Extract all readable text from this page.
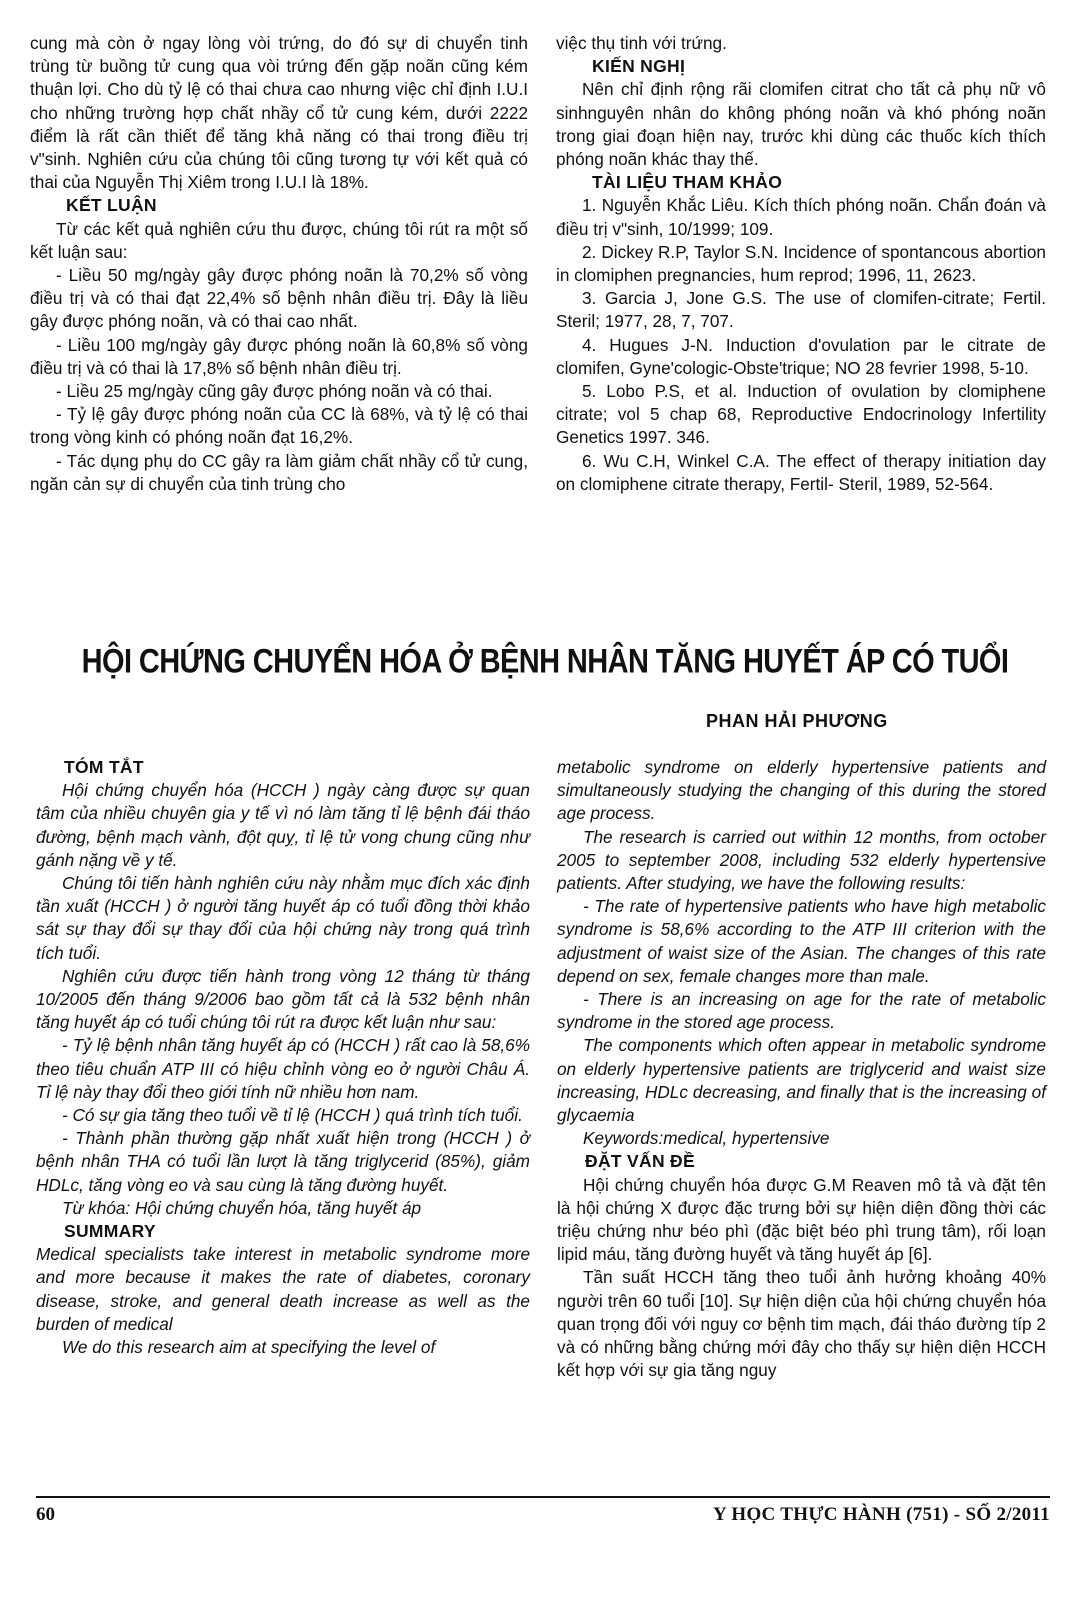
cung mà còn ở ngay lòng vòi trứng, do đó sự di chuyển tinh trùng từ buồng tử cung qua vòi trứng đến gặp noãn cũng kém thuận lợi. Cho dù tỷ lệ có thai chưa cao nhưng việc chỉ định I.U.I cho những trường hợp chất nhầy cổ tử cung kém, dưới 2222 điểm là rất cần thiết để tăng khả năng có thai trong điều trị v"sinh. Nghiên cứu của chúng tôi cũng tương tự với kết quả có thai của Nguyễn Thị Xiêm trong I.U.I là 18%.

KẾT LUẬN

Từ các kết quả nghiên cứu thu được, chúng tôi rút ra một số kết luận sau:

- Liều 50 mg/ngày gây được phóng noãn là 70,2% số vòng điều trị và có thai đạt 22,4% số bệnh nhân điều trị. Đây là liều gây được phóng noãn, và có thai cao nhất.

- Liều 100 mg/ngày gây được phóng noãn là 60,8% số vòng điều trị và có thai là 17,8% số bệnh nhân điều trị.

- Liều 25 mg/ngày cũng gây được phóng noãn và có thai.

- Tỷ lệ gây được phóng noãn của CC là 68%, và tỷ lệ có thai trong vòng kinh có phóng noãn đạt 16,2%.

- Tác dụng phụ do CC gây ra làm giảm chất nhầy cổ tử cung, ngăn cản sự di chuyển của tinh trùng cho

việc thụ tinh với trứng.

KIẾN NGHỊ

Nên chỉ định rộng rãi clomifen citrat cho tất cả phụ nữ vô sinhnguyên nhân do không phóng noãn và khó phóng noãn trong giai đoạn hiện nay, trước khi dùng các thuốc kích thích phóng noãn khác thay thế.

TÀI LIỆU THAM KHẢO

1. Nguyễn Khắc Liêu. Kích thích phóng noãn. Chẩn đoán và điều trị v"sinh, 10/1999; 109.

2. Dickey R.P, Taylor S.N. Incidence of spontancous abortion in clomiphen pregnancies, hum reprod; 1996, 11, 2623.

3. Garcia J, Jone G.S. The use of clomifen-citrate; Fertil. Steril; 1977, 28, 7, 707.

4. Hugues J-N. Induction d'ovulation par le citrate de clomifen, Gyne'cologic-Obste'trique; NO 28 fevrier 1998, 5-10.

5. Lobo P.S, et al. Induction of ovulation by clomiphene citrate; vol 5 chap 68, Reproductive Endocrinology Infertility Genetics 1997. 346.

6. Wu C.H, Winkel C.A. The effect of therapy initiation day on clomiphene citrate therapy, Fertil- Steril, 1989, 52-564.

HỘI CHỨNG CHUYỂN HÓA Ở BỆNH NHÂN TĂNG HUYẾT ÁP CÓ TUỔI
PHAN HẢI PHƯƠNG

TÓM TẮT

Hội chứng chuyển hóa (HCCH ) ngày càng được sự quan tâm của nhiều chuyên gia y tế vì nó làm tăng tỉ lệ bệnh đái tháo đường, bệnh mạch vành, đột quỵ, tỉ lệ tử vong chung cũng như gánh nặng về y tế.

Chúng tôi tiến hành nghiên cứu này nhằm mục đích xác định tần xuất (HCCH ) ở người tăng huyết áp có tuổi đồng thời khảo sát sự thay đổi sự thay đổi của hội chứng này trong quá trình tích tuổi.

Nghiên cứu được tiến hành trong vòng 12 tháng từ tháng 10/2005 đến tháng 9/2006 bao gồm tất cả là 532 bệnh nhân tăng huyết áp có tuổi chúng tôi rút ra được kết luận như sau:

- Tỷ lệ bệnh nhân tăng huyết áp có (HCCH ) rất cao là 58,6% theo tiêu chuẩn ATP III có hiệu chỉnh vòng eo ở người Châu Á. Tỉ lệ này thay đổi theo giới tính nữ nhiều hơn nam.

- Có sự gia tăng theo tuổi về tỉ lệ (HCCH ) quá trình tích tuổi.

- Thành phần thường gặp nhất xuất hiện trong (HCCH ) ở bệnh nhân THA có tuổi lần lượt là tăng triglycerid (85%), giảm HDLc, tăng vòng eo và sau cùng là tăng đường huyết.

Từ khóa: Hội chứng chuyển hóa, tăng huyết áp

SUMMARY

Medical specialists take interest in metabolic syndrome more and more because it makes the rate of diabetes, coronary disease, stroke, and general death increase as well as the burden of medical

We do this research aim at specifying the level of

metabolic syndrome on elderly hypertensive patients and simultaneously studying the changing of this during the stored age process.

The research is carried out within 12 months, from october 2005 to september 2008, including 532 elderly hypertensive patients. After studying, we have the following results:

- The rate of hypertensive patients who have high metabolic syndrome is 58,6% according to the ATP III criterion with the adjustment of waist size of the Asian. The changes of this rate depend on sex, female changes more than male.

- There is an increasing on age for the rate of metabolic syndrome in the stored age process.

The components which often appear in metabolic syndrome on elderly hypertensive patients are triglycerid and waist size increasing, HDLc decreasing, and finally that is the increasing of glycaemia

Keywords:medical, hypertensive

ĐẶT VẤN ĐỀ

Hội chứng chuyển hóa được G.M Reaven mô tả và đặt tên là hội chứng X được đặc trưng bởi sự hiện diện đồng thời các triệu chứng như béo phì (đặc biệt béo phì trung tâm), rối loạn lipid máu, tăng đường huyết và tăng huyết áp [6].

Tần suất HCCH tăng theo tuổi ảnh hưởng khoảng 40% người trên 60 tuổi [10]. Sự hiện diện của hội chứng chuyển hóa quan trọng đối với nguy cơ bệnh tim mạch, đái tháo đường típ 2 và có những bằng chứng mới đây cho thấy sự hiện diện HCCH kết hợp với sự gia tăng nguy

60	Y HỌC THỰC HÀNH (751) - SỐ 2/2011
